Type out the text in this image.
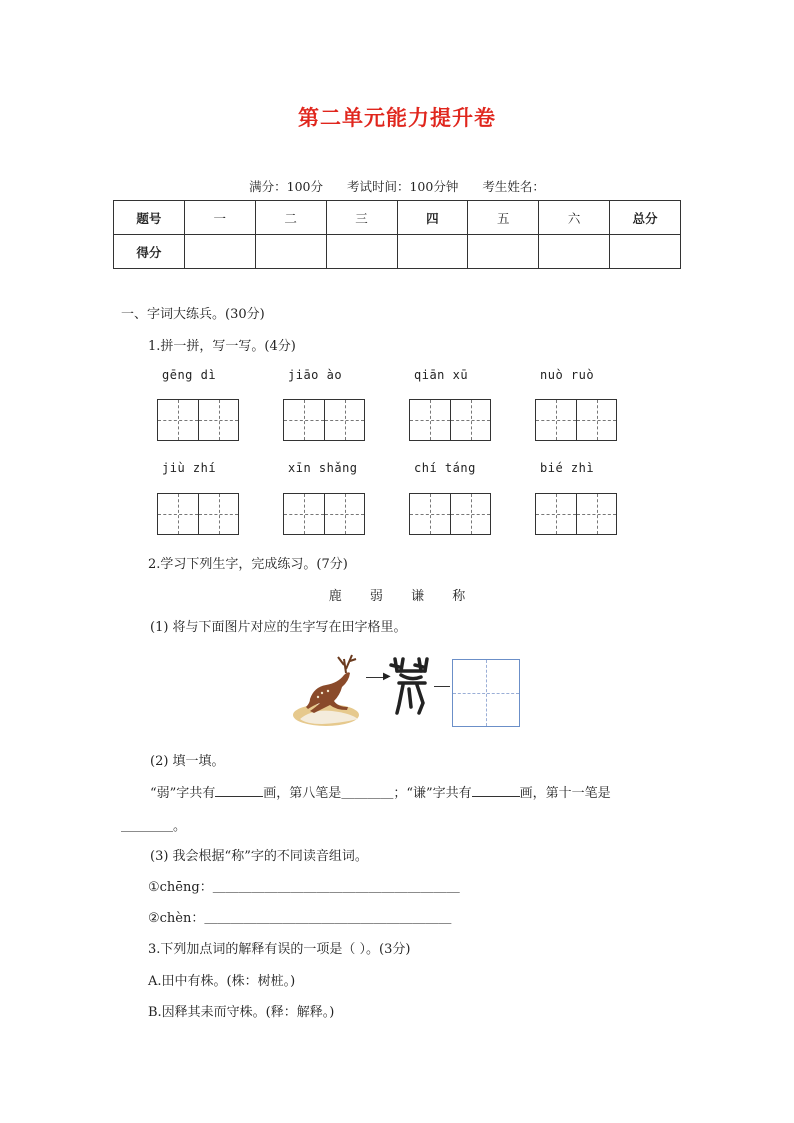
第二单元能力提升卷
满分：100分 考试时间：100分钟 考生姓名：
题号	一	二	三	四	五	六	总分
得分							
一、字词大练兵。(30分)
1.拼一拼，写一写。(4分)
gēng dì	jiāo ào	qiān xū	nuò ruò
jiù zhí	xīn shǎng	chí táng	bié zhì
2.学习下列生字，完成练习。(7分)
鹿 弱 谦 称
(1) 将与下面图片对应的生字写在田字格里。
▶
(2) 填一填。
“弱”字共有	画，第八笔是＿＿＿＿；“谦”字共有	画，第十一笔是
＿＿＿＿。
(3) 我会根据“称”字的不同读音组词。
①chēng：＿＿＿＿＿＿＿＿＿＿＿＿＿＿＿＿＿＿＿
②chèn：＿＿＿＿＿＿＿＿＿＿＿＿＿＿＿＿＿＿＿
3.下列加点词的解释有误的一项是（ ）。(3分)
A.田中有株。(株：树桩。)
B.因释其耒而守株。(释：解释。)
